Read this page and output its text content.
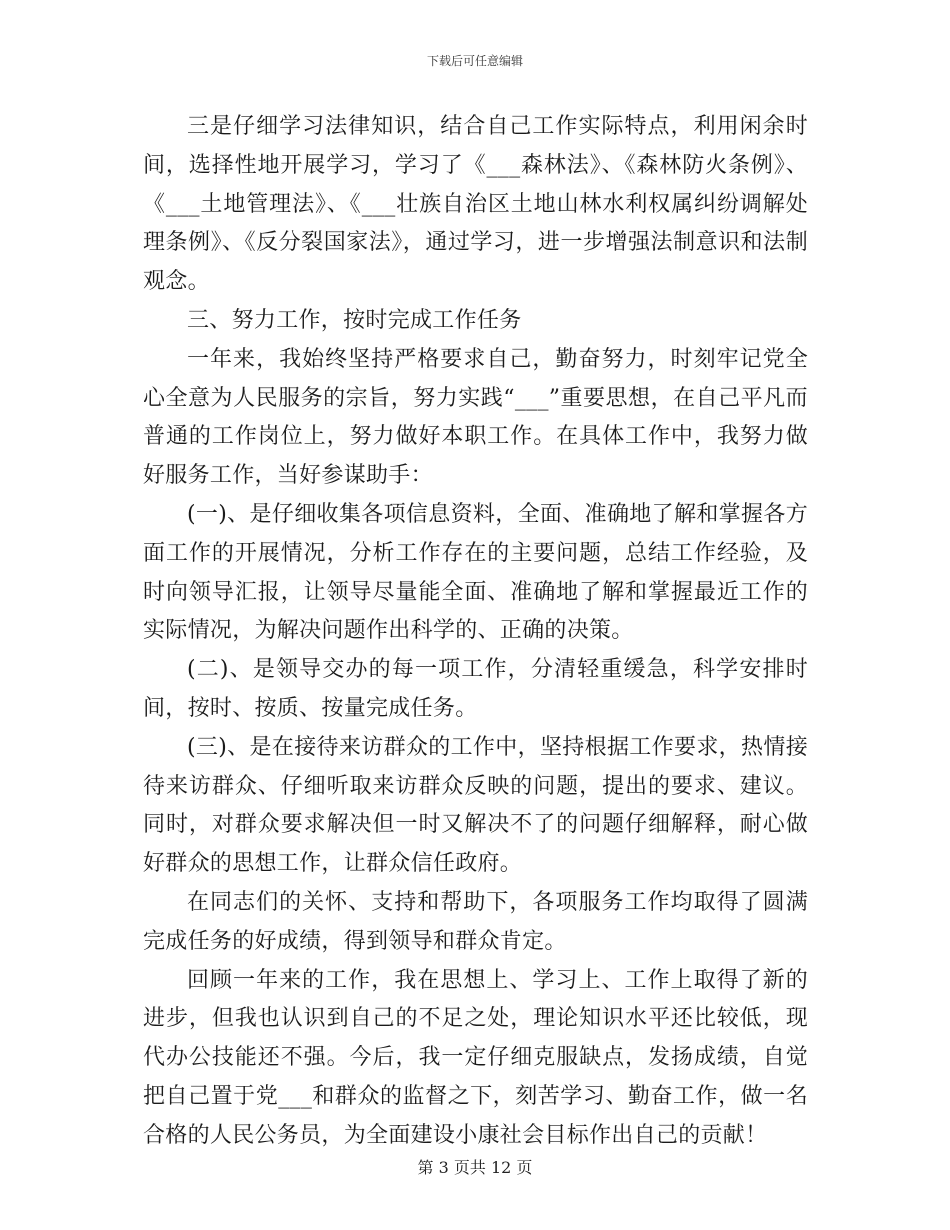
下载后可任意编辑

三是仔细学习法律知识，结合自己工作实际特点，利用闲余时间，选择性地开展学习，学习了《___森林法》、《森林防火条例》、《___土地管理法》、《___壮族自治区土地山林水利权属纠纷调解处理条例》、《反分裂国家法》，通过学习，进一步增强法制意识和法制观念。

三、努力工作，按时完成工作任务

一年来，我始终坚持严格要求自己，勤奋努力，时刻牢记党全心全意为人民服务的宗旨，努力实践“___”重要思想，在自己平凡而普通的工作岗位上，努力做好本职工作。在具体工作中，我努力做好服务工作，当好参谋助手：

(一)、是仔细收集各项信息资料，全面、准确地了解和掌握各方面工作的开展情况，分析工作存在的主要问题，总结工作经验，及时向领导汇报，让领导尽量能全面、准确地了解和掌握最近工作的实际情况，为解决问题作出科学的、正确的决策。

(二)、是领导交办的每一项工作，分清轻重缓急，科学安排时间，按时、按质、按量完成任务。

(三)、是在接待来访群众的工作中，坚持根据工作要求，热情接待来访群众、仔细听取来访群众反映的问题，提出的要求、建议。同时，对群众要求解决但一时又解决不了的问题仔细解释，耐心做好群众的思想工作，让群众信任政府。

在同志们的关怀、支持和帮助下，各项服务工作均取得了圆满完成任务的好成绩，得到领导和群众肯定。

回顾一年来的工作，我在思想上、学习上、工作上取得了新的进步，但我也认识到自己的不足之处，理论知识水平还比较低，现代办公技能还不强。今后，我一定仔细克服缺点，发扬成绩，自觉把自己置于党___和群众的监督之下，刻苦学习、勤奋工作，做一名合格的人民公务员，为全面建设小康社会目标作出自己的贡献！

第 3 页共 12 页
